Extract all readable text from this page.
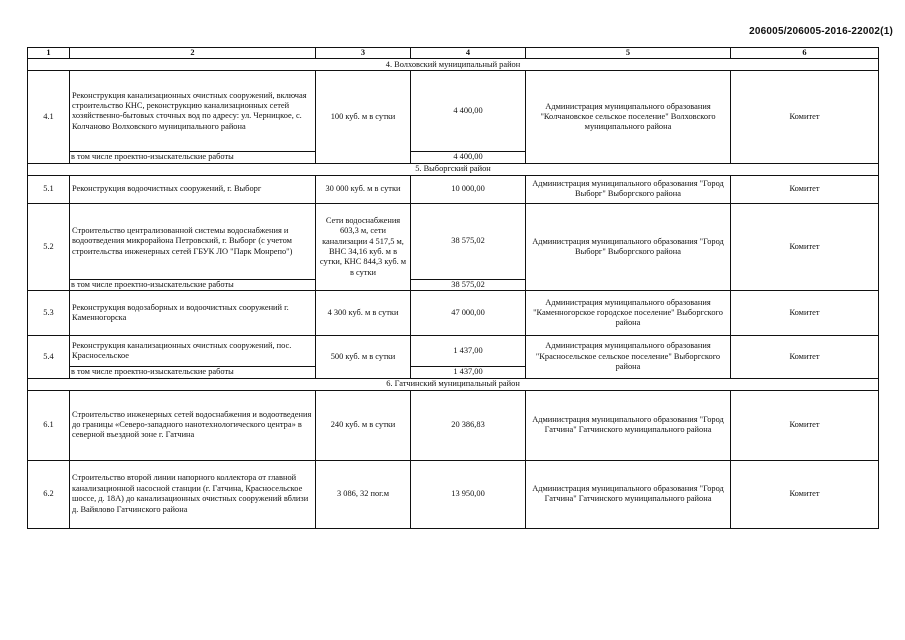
206005/206005-2016-22002(1)
1	2	3	4	5	6
4. Волховский муниципальный район					
4.1	Реконструкция канализационных очистных сооружений, включая строительство КНС, реконструкцию канализационных сетей хозяйственно-бытовых сточных вод по адресу: ул. Черницкое, с. Колчаново Волховского муниципального района	100 куб. м в сутки	4 400,00	Администрация муниципального образования "Колчановское сельское поселение" Волховского муниципального района	Комитет
	в том числе проектно-изыскательские работы		4 400,00		
5. Выборгский район					
5.1	Реконструкция водоочистных сооружений, г. Выборг	30 000 куб. м в сутки	10 000,00	Администрация муниципального образования "Город Выборг" Выборгского района	Комитет
5.2	Строительство централизованной системы водоснабжения и водоотведения микрорайона Петровский, г. Выборг (с учетом строительства инженерных сетей ГБУК ЛО "Парк Монрепо")	Сети водоснабжения 603,3 м, сети канализации 4 517,5 м, ВНС 34,16 куб. м в сутки, КНС 844,3 куб. м в сутки	38 575,02	Администрация муниципального образования "Город Выборг" Выборгского района	Комитет
	в том числе проектно-изыскательские работы		38 575,02		
5.3	Реконструкция водозаборных и водоочистных сооружений г. Каменногорска	4 300 куб. м в сутки	47 000,00	Администрация муниципального образования "Каменногорское городское поселение" Выборгского района	Комитет
5.4	Реконструкция канализационных очистных сооружений, пос. Красносельское	500 куб. м в сутки	1 437,00	Администрация муниципального образования "Красносельское сельское поселение" Выборгского района	Комитет
	в том числе проектно-изыскательские работы		1 437,00		
6. Гатчинский муниципальный район					
6.1	Строительство инженерных сетей водоснабжения и водоотведения до границы «Северо-западного нанотехнологического центра» в северной въездной зоне г. Гатчина	240 куб. м в сутки	20 386,83	Администрация муниципального образования "Город Гатчина" Гатчинского муниципального района	Комитет
6.2	Строительство второй линии напорного коллектора от главной канализационной насосной станции (г. Гатчина, Красносельское шоссе, д. 18А) до канализационных очистных сооружений вблизи д. Вайялово Гатчинского района	3 086, 32 пог.м	13 950,00	Администрация муниципального образования "Город Гатчина" Гатчинского муниципального района	Комитет
